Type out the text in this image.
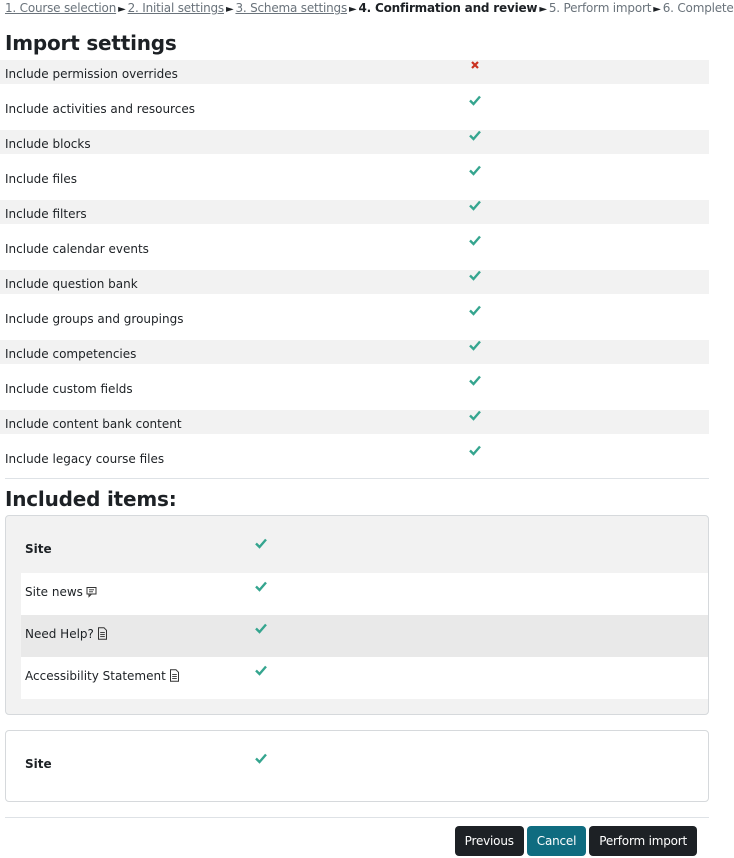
1. Course selection ► 2. Initial settings ► 3. Schema settings ► 4. Confirmation and review ► 5. Perform import ► 6. Complete
Import settings
Include permission overrides
Include activities and resources
Include blocks
Include files
Include filters
Include calendar events
Include question bank
Include groups and groupings
Include competencies
Include custom fields
Include content bank content
Include legacy course files
Included items:
Site
Site news
Need Help?
Accessibility Statement
Site
Previous	Cancel	Perform import
